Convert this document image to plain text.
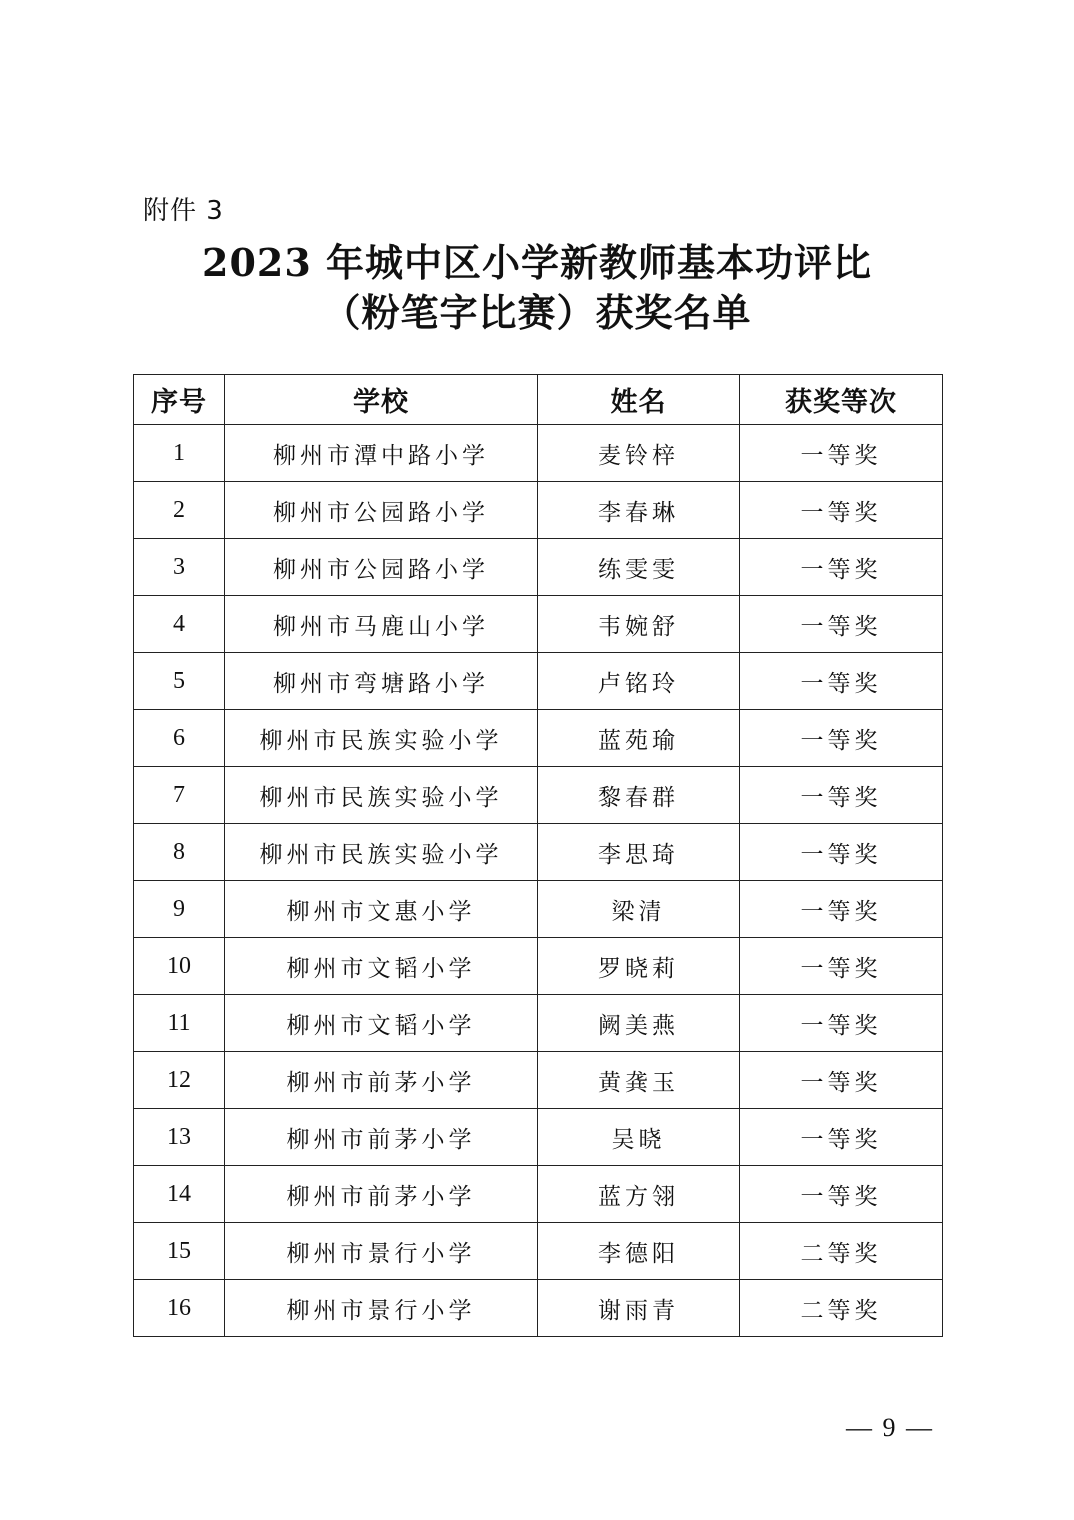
附件 3
2023 年城中区小学新教师基本功评比
（粉笔字比赛）获奖名单
序号	学校	姓名	获奖等次
1	柳州市潭中路小学	麦铃梓	一等奖
2	柳州市公园路小学	李春琳	一等奖
3	柳州市公园路小学	练雯雯	一等奖
4	柳州市马鹿山小学	韦婉舒	一等奖
5	柳州市弯塘路小学	卢铭玲	一等奖
6	柳州市民族实验小学	蓝苑瑜	一等奖
7	柳州市民族实验小学	黎春群	一等奖
8	柳州市民族实验小学	李思琦	一等奖
9	柳州市文惠小学	梁清	一等奖
10	柳州市文韬小学	罗晓莉	一等奖
11	柳州市文韬小学	阙美燕	一等奖
12	柳州市前茅小学	黄龚玉	一等奖
13	柳州市前茅小学	吴晓	一等奖
14	柳州市前茅小学	蓝方翎	一等奖
15	柳州市景行小学	李德阳	二等奖
16	柳州市景行小学	谢雨青	二等奖
— 9 —
